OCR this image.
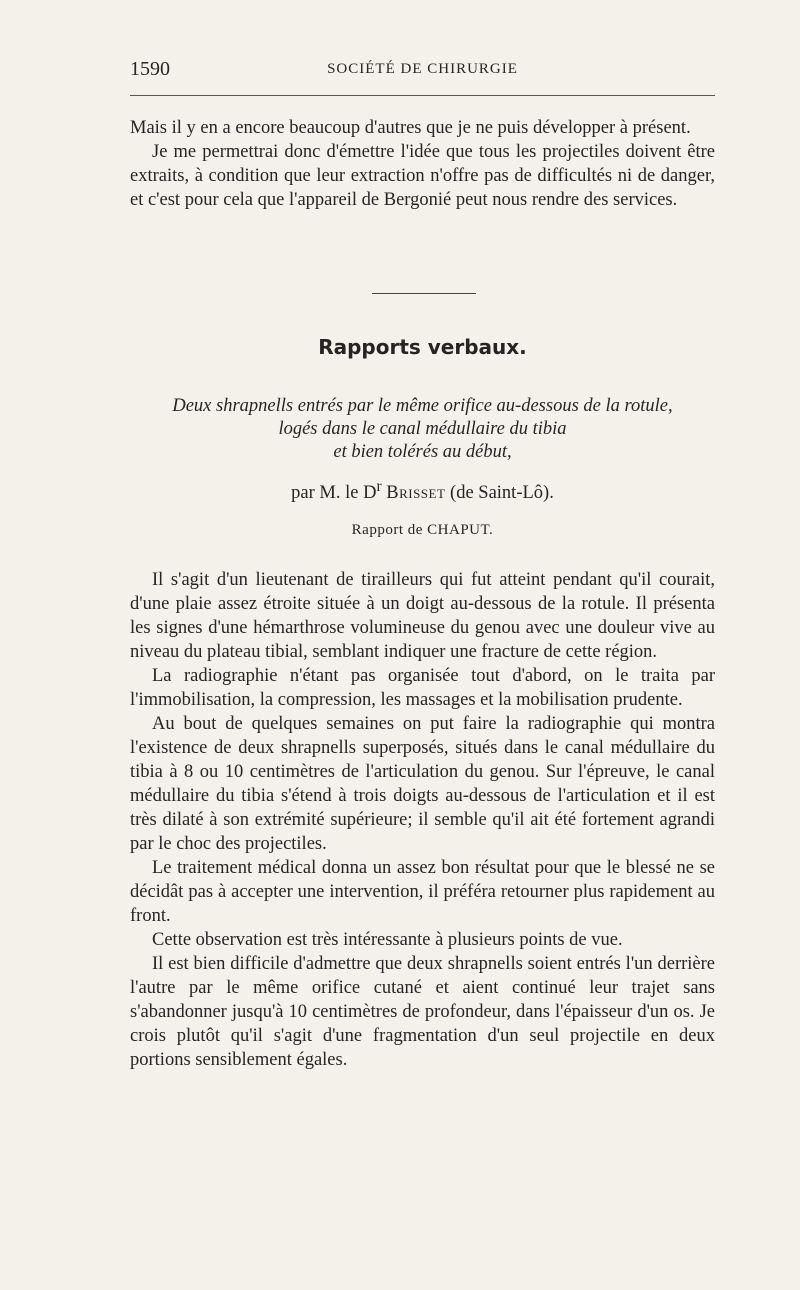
1590	SOCIÉTÉ DE CHIRURGIE

Mais il y en a encore beaucoup d'autres que je ne puis développer à présent.

Je me permettrai donc d'émettre l'idée que tous les projectiles doivent être extraits, à condition que leur extraction n'offre pas de difficultés ni de danger, et c'est pour cela que l'appareil de Bergonié peut nous rendre des services.

Rapports verbaux.
Deux shrapnells entrés par le même orifice au-dessous de la rotule,
logés dans le canal médullaire du tibia
et bien tolérés au début,
par M. le $D^r$ Brisset (de Saint-Lô).
Rapport de CHAPUT.

Il s'agit d'un lieutenant de tirailleurs qui fut atteint pendant qu'il courait, d'une plaie assez étroite située à un doigt au-dessous de la rotule. Il présenta les signes d'une hémarthrose volumineuse du genou avec une douleur vive au niveau du plateau tibial, semblant indiquer une fracture de cette région.

La radiographie n'étant pas organisée tout d'abord, on le traita par l'immobilisation, la compression, les massages et la mobilisation prudente.

Au bout de quelques semaines on put faire la radiographie qui montra l'existence de deux shrapnells superposés, situés dans le canal médullaire du tibia à 8 ou 10 centimètres de l'articulation du genou. Sur l'épreuve, le canal médullaire du tibia s'étend à trois doigts au-dessous de l'articulation et il est très dilaté à son extrémité supérieure; il semble qu'il ait été fortement agrandi par le choc des projectiles.

Le traitement médical donna un assez bon résultat pour que le blessé ne se décidât pas à accepter une intervention, il préféra retourner plus rapidement au front.

Cette observation est très intéressante à plusieurs points de vue.

Il est bien difficile d'admettre que deux shrapnells soient entrés l'un derrière l'autre par le même orifice cutané et aient continué leur trajet sans s'abandonner jusqu'à 10 centimètres de profondeur, dans l'épaisseur d'un os. Je crois plutôt qu'il s'agit d'une fragmentation d'un seul projectile en deux portions sensiblement égales.
